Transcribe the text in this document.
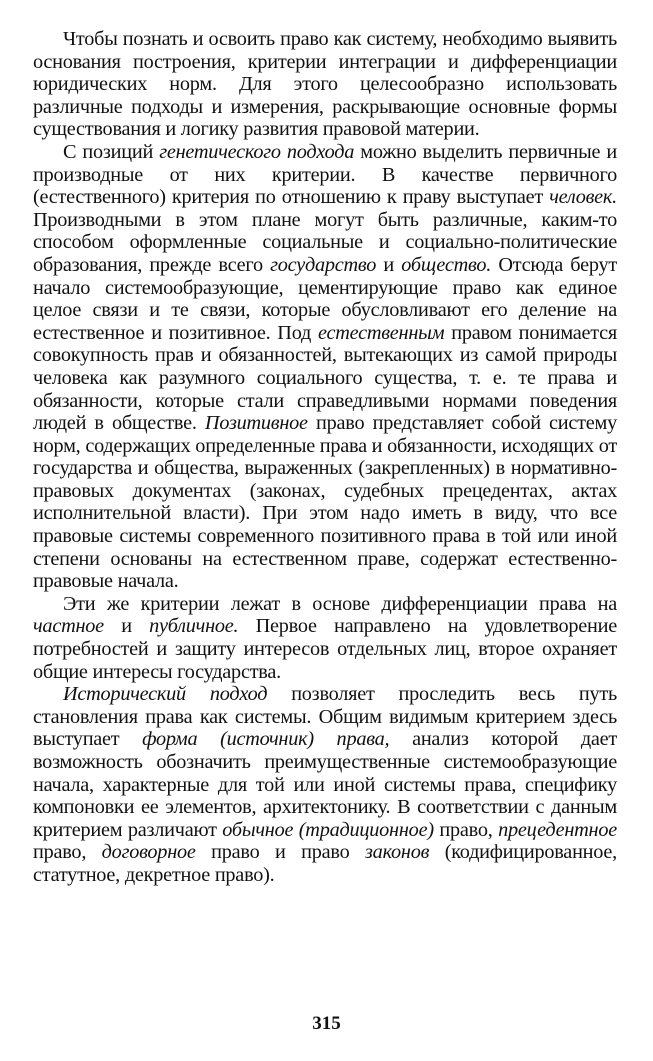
Чтобы познать и освоить право как систему, необходимо выявить основания построения, критерии интеграции и дифференциации юридических норм. Для этого целесообразно использовать различные подходы и измерения, раскрывающие основные формы существования и логику развития правовой материи.

С позиций генетического подхода можно выделить первичные и производные от них критерии. В качестве первичного (естественного) критерия по отношению к праву выступает человек. Производными в этом плане могут быть различные, каким-то способом оформленные социальные и социально-политические образования, прежде всего государство и общество. Отсюда берут начало системообразующие, цементирующие право как единое целое связи и те связи, которые обусловливают его деление на естественное и позитивное. Под естественным правом понимается совокупность прав и обязанностей, вытекающих из самой природы человека как разумного социального существа, т. е. те права и обязанности, которые стали справедливыми нормами поведения людей в обществе. Позитивное право представляет собой систему норм, содержащих определенные права и обязанности, исходящих от государства и общества, выраженных (закрепленных) в нормативно-правовых документах (законах, судебных прецедентах, актах исполнительной власти). При этом надо иметь в виду, что все правовые системы современного позитивного права в той или иной степени основаны на естественном праве, содержат естественно-правовые начала.

Эти же критерии лежат в основе дифференциации права на частное и публичное. Первое направлено на удовлетворение потребностей и защиту интересов отдельных лиц, второе охраняет общие интересы государства.

Исторический подход позволяет проследить весь путь становления права как системы. Общим видимым критерием здесь выступает форма (источник) права, анализ которой дает возможность обозначить преимущественные системообразующие начала, характерные для той или иной системы права, специфику компоновки ее элементов, архитектонику. В соответствии с данным критерием различают обычное (традиционное) право, прецедентное право, договорное право и право законов (кодифицированное, статутное, декретное право).

315
